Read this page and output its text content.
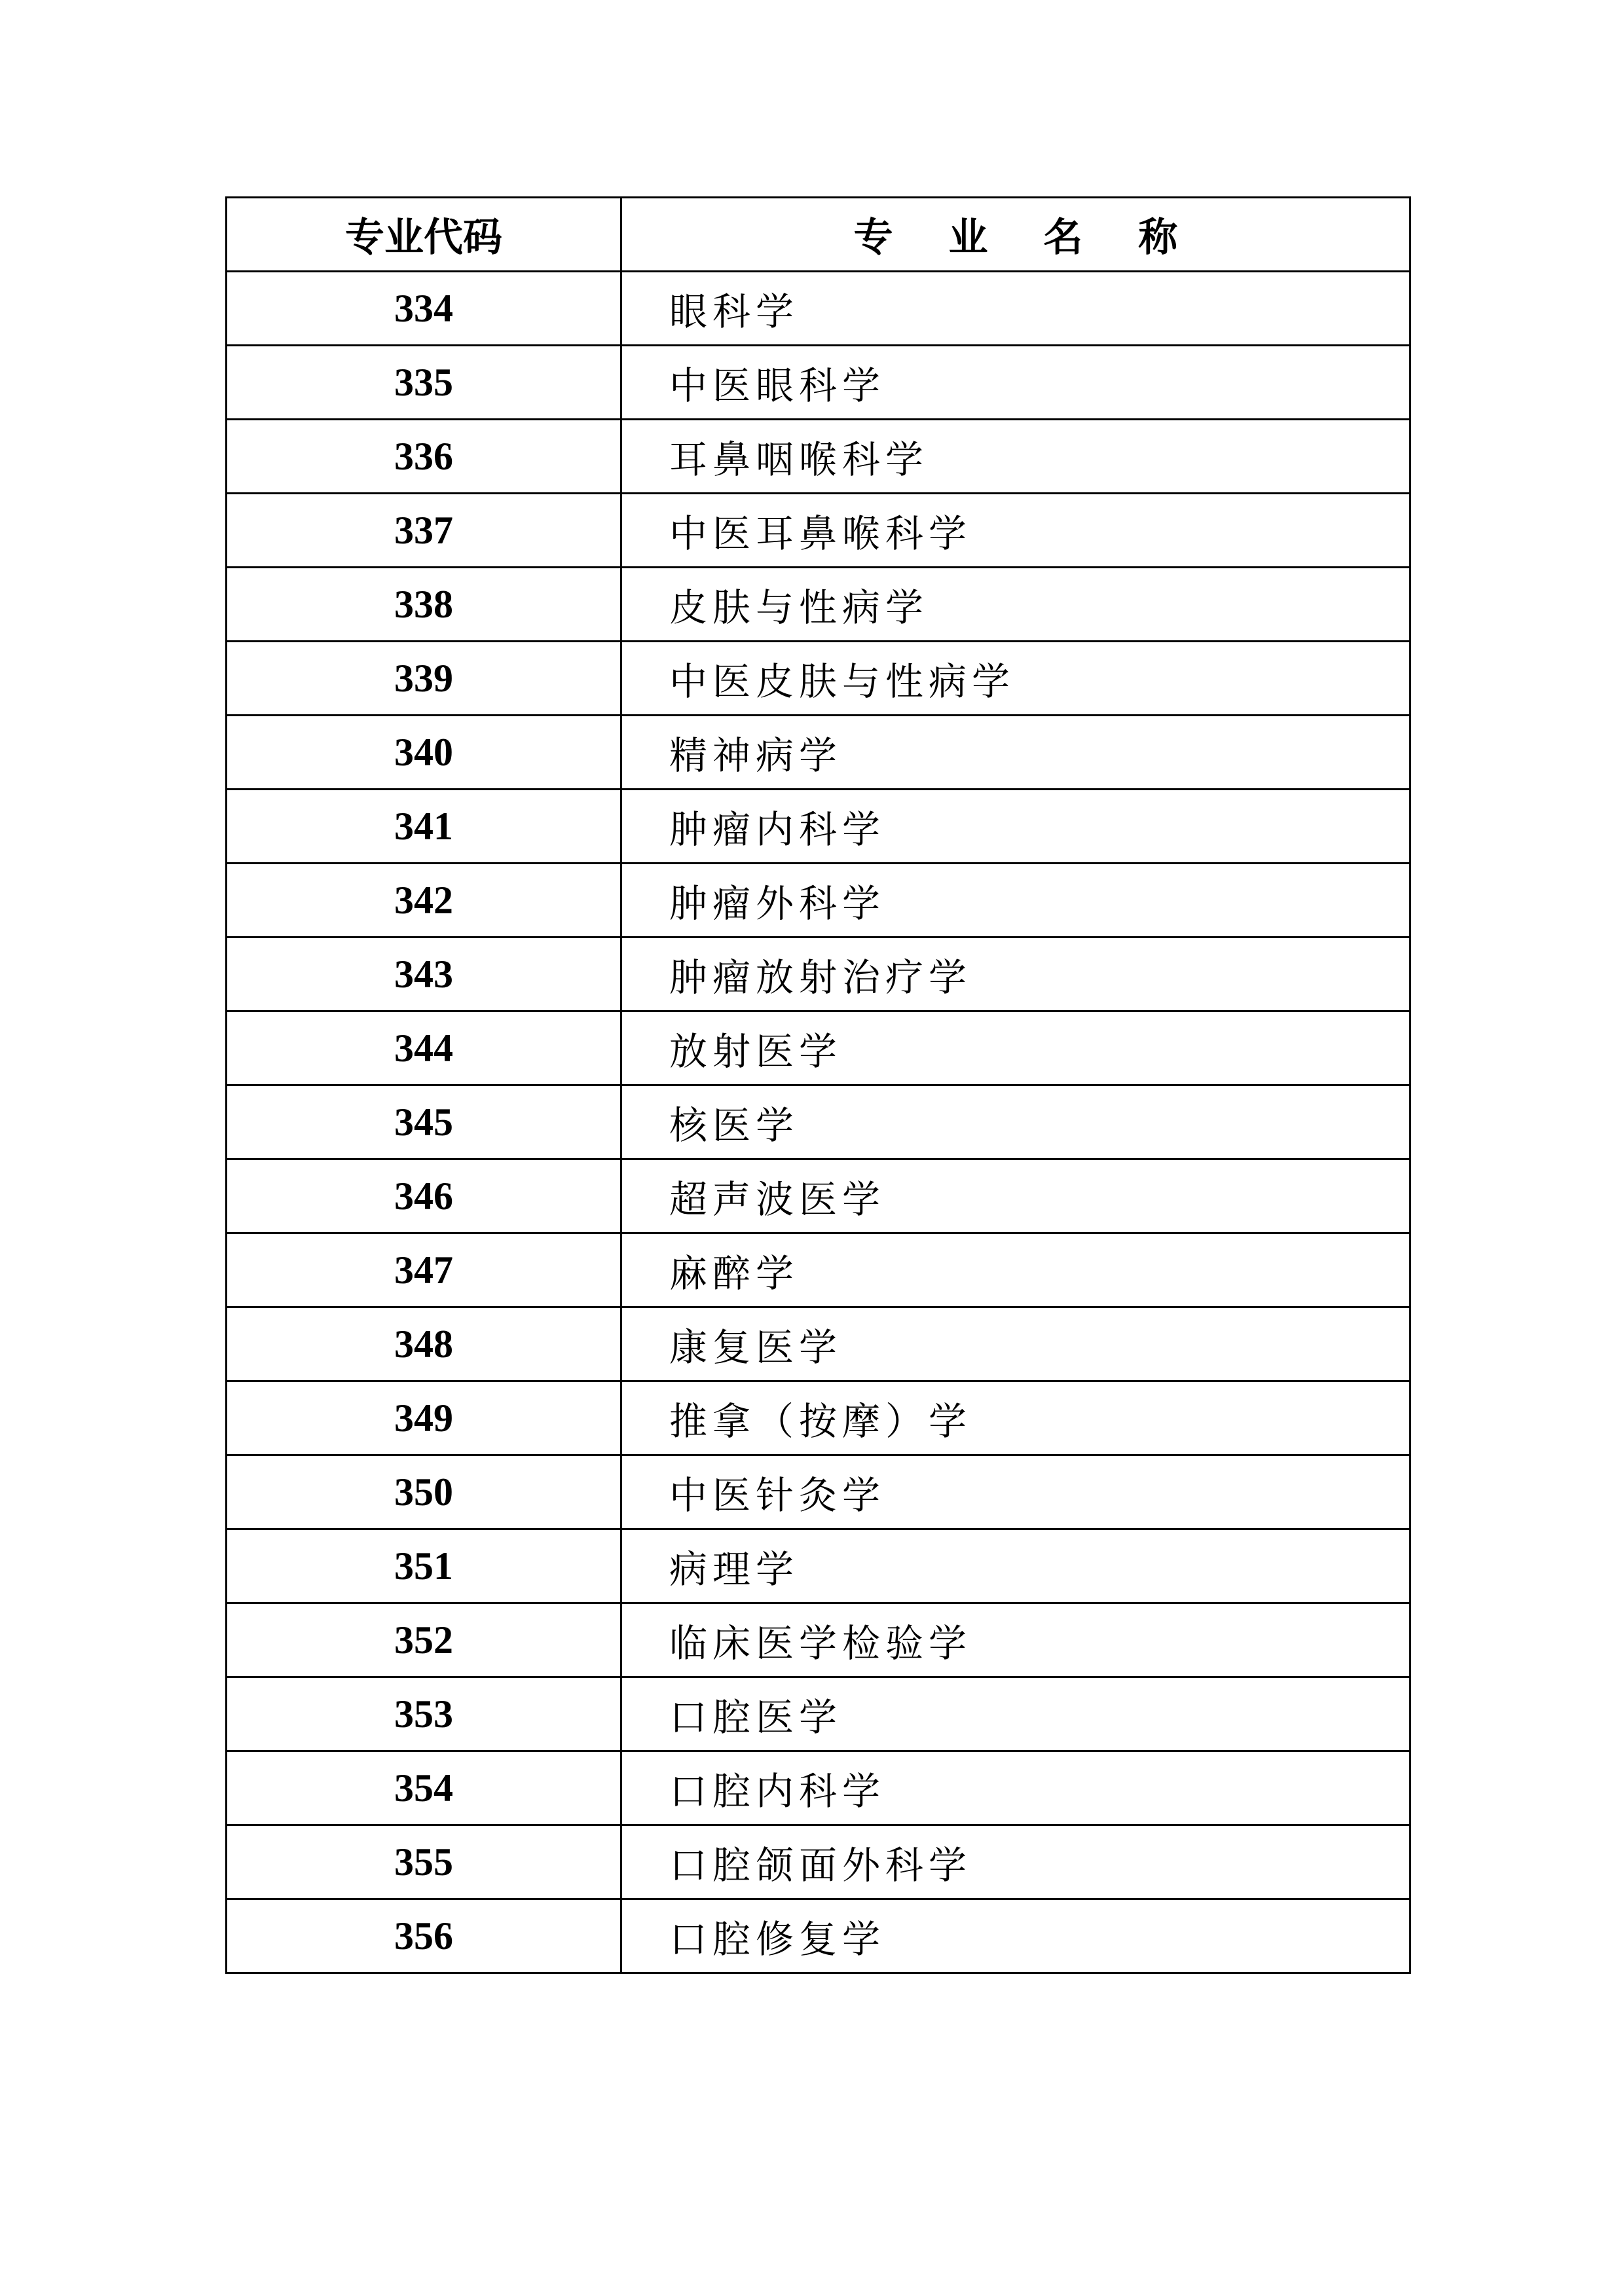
专业代码	专 业 名 称
334	眼科学
335	中医眼科学
336	耳鼻咽喉科学
337	中医耳鼻喉科学
338	皮肤与性病学
339	中医皮肤与性病学
340	精神病学
341	肿瘤内科学
342	肿瘤外科学
343	肿瘤放射治疗学
344	放射医学
345	核医学
346	超声波医学
347	麻醉学
348	康复医学
349	推拿（按摩）学
350	中医针灸学
351	病理学
352	临床医学检验学
353	口腔医学
354	口腔内科学
355	口腔颌面外科学
356	口腔修复学
